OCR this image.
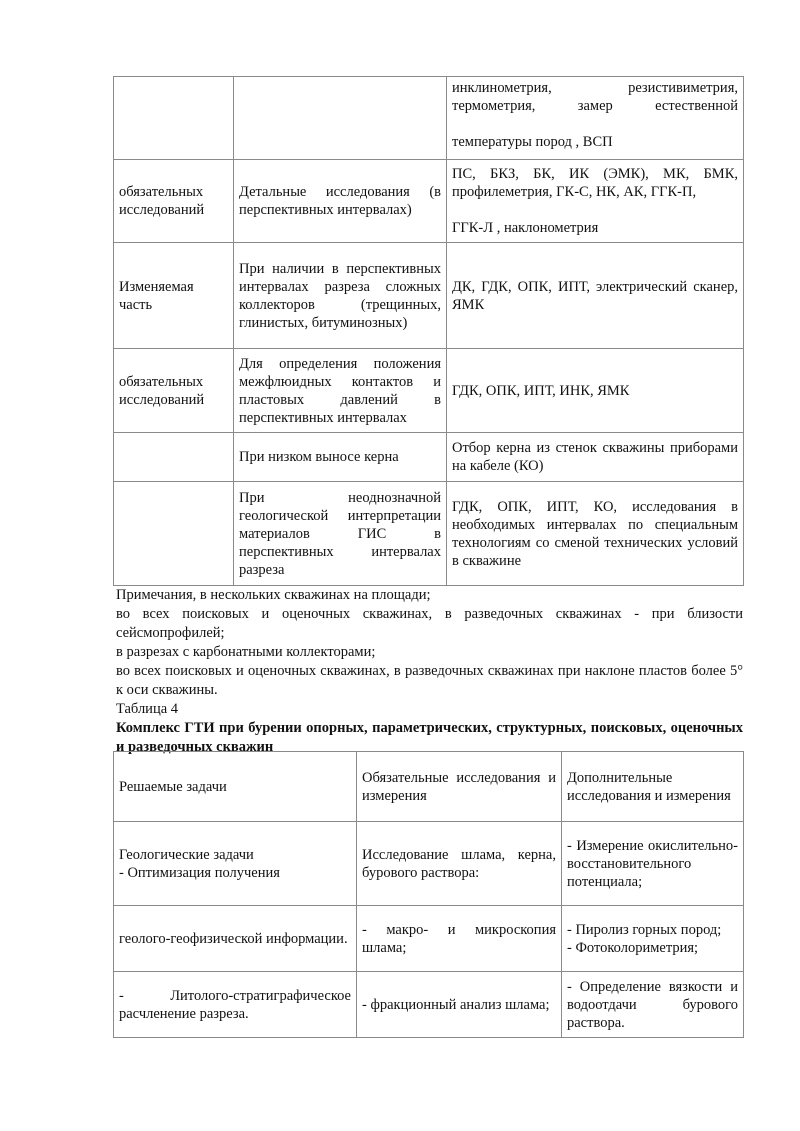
		инклинометрия, резистивиметрия, термометрия, замер естественной
температуры пород , ВСП

обязательных исследований	Детальные исследования (в перспективных интервалах)	ПС, БКЗ, БК, ИК (ЭМК), МК, БМК, профилеметрия, ГК-С, НК, АК, ГГК-П,
ГГК-Л , наклонометрия

Изменяемая часть	При наличии в перспективных интервалах разреза сложных коллекторов (трещинных, глинистых, битуминозных)	ДК, ГДК, ОПК, ИПТ, электрический сканер, ЯМК
обязательных исследований	Для определения положения межфлюидных контактов и пластовых давлений в перспективных интервалах	ГДК, ОПК, ИПТ, ИНК, ЯМК
	При низком выносе керна	Отбор керна из стенок скважины приборами на кабеле (КО)
	При неоднозначной геологической интерпретации материалов ГИС в перспективных интервалах разреза	ГДК, ОПК, ИПТ, КО, исследования в необходимых интервалах по специальным технологиям со сменой технических условий в скважине

Примечания, в нескольких скважинах на площади;

во всех поисковых и оценочных скважинах, в разведочных скважинах - при близости сейсмопрофилей;

в разрезах с карбонатными коллекторами;

во всех поисковых и оценочных скважинах, в разведочных скважинах при наклоне пластов более 5° к оси скважины.

Таблица 4

Комплекс ГТИ при бурении опорных, параметрических, структурных, поисковых, оценочных и разведочных скважин

Решаемые задачи	Обязательные исследования и измерения	Дополнительные исследования и измерения
Геологические задачи
- Оптимизация получения	Исследование шлама, керна, бурового раствора:	- Измерение окислительно-восстановительного потенциала;
геолого-геофизической информации.	- макро- и микроскопия шлама;	- Пиролиз горных пород;
- Фотоколориметрия;
- Литолого-стратиграфическое расчленение разреза.	- фракционный анализ шлама;	- Определение вязкости и водоотдачи бурового раствора.
